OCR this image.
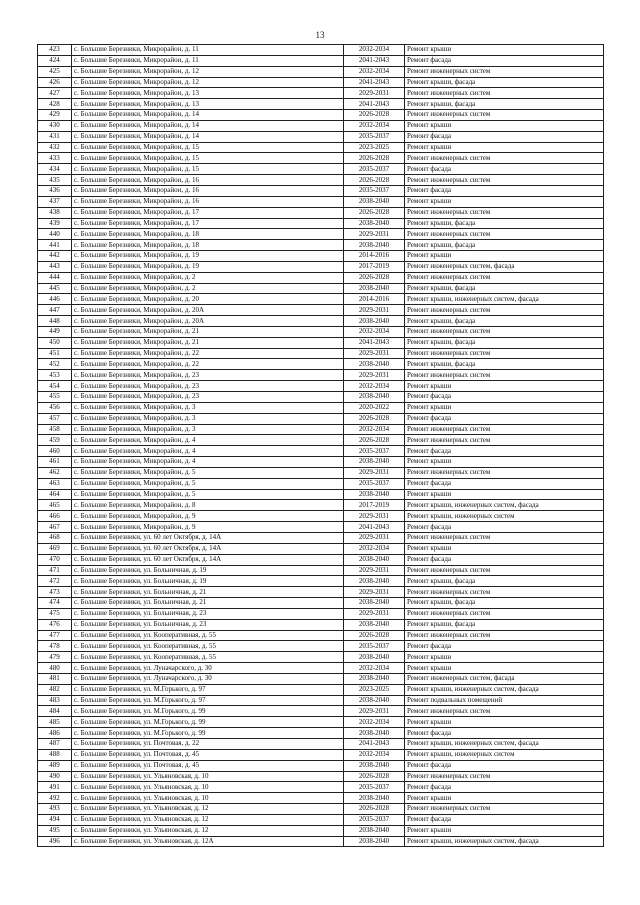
13
423	с. Большие Березники, Микрорайон, д. 11	2032-2034	Ремонт крыши
424	с. Большие Березники, Микрорайон, д. 11	2041-2043	Ремонт фасада
425	с. Большие Березники, Микрорайон, д. 12	2032-2034	Ремонт инженерных систем
426	с. Большие Березники, Микрорайон, д. 12	2041-2043	Ремонт крыши, фасада
427	с. Большие Березники, Микрорайон, д. 13	2029-2031	Ремонт инженерных систем
428	с. Большие Березники, Микрорайон, д. 13	2041-2043	Ремонт крыши, фасада
429	с. Большие Березники, Микрорайон, д. 14	2026-2028	Ремонт инженерных систем
430	с. Большие Березники, Микрорайон, д. 14	2032-2034	Ремонт крыши
431	с. Большие Березники, Микрорайон, д. 14	2035-2037	Ремонт фасада
432	с. Большие Березники, Микрорайон, д. 15	2023-2025	Ремонт крыши
433	с. Большие Березники, Микрорайон, д. 15	2026-2028	Ремонт инженерных систем
434	с. Большие Березники, Микрорайон, д. 15	2035-2037	Ремонт фасада
435	с. Большие Березники, Микрорайон, д. 16	2026-2028	Ремонт инженерных систем
436	с. Большие Березники, Микрорайон, д. 16	2035-2037	Ремонт фасада
437	с. Большие Березники, Микрорайон, д. 16	2038-2040	Ремонт крыши
438	с. Большие Березники, Микрорайон, д. 17	2026-2028	Ремонт инженерных систем
439	с. Большие Березники, Микрорайон, д. 17	2038-2040	Ремонт крыши, фасада
440	с. Большие Березники, Микрорайон, д. 18	2029-2031	Ремонт инженерных систем
441	с. Большие Березники, Микрорайон, д. 18	2038-2040	Ремонт крыши, фасада
442	с. Большие Березники, Микрорайон, д. 19	2014-2016	Ремонт крыши
443	с. Большие Березники, Микрорайон, д. 19	2017-2019	Ремонт инженерных систем, фасада
444	с. Большие Березники, Микрорайон, д. 2	2026-2028	Ремонт инженерных систем
445	с. Большие Березники, Микрорайон, д. 2	2038-2040	Ремонт крыши, фасада
446	с. Большие Березники, Микрорайон, д. 20	2014-2016	Ремонт крыши, инженерных систем, фасада
447	с. Большие Березники, Микрорайон, д. 20А	2029-2031	Ремонт инженерных систем
448	с. Большие Березники, Микрорайон, д. 20А	2038-2040	Ремонт крыши, фасада
449	с. Большие Березники, Микрорайон, д. 21	2032-2034	Ремонт инженерных систем
450	с. Большие Березники, Микрорайон, д. 21	2041-2043	Ремонт крыши, фасада
451	с. Большие Березники, Микрорайон, д. 22	2029-2031	Ремонт инженерных систем
452	с. Большие Березники, Микрорайон, д. 22	2038-2040	Ремонт крыши, фасада
453	с. Большие Березники, Микрорайон, д. 23	2029-2031	Ремонт инженерных систем
454	с. Большие Березники, Микрорайон, д. 23	2032-2034	Ремонт крыши
455	с. Большие Березники, Микрорайон, д. 23	2038-2040	Ремонт фасада
456	с. Большие Березники, Микрорайон, д. 3	2020-2022	Ремонт крыши
457	с. Большие Березники, Микрорайон, д. 3	2026-2028	Ремонт фасада
458	с. Большие Березники, Микрорайон, д. 3	2032-2034	Ремонт инженерных систем
459	с. Большие Березники, Микрорайон, д. 4	2026-2028	Ремонт инженерных систем
460	с. Большие Березники, Микрорайон, д. 4	2035-2037	Ремонт фасада
461	с. Большие Березники, Микрорайон, д. 4	2038-2040	Ремонт крыши
462	с. Большие Березники, Микрорайон, д. 5	2029-2031	Ремонт инженерных систем
463	с. Большие Березники, Микрорайон, д. 5	2035-2037	Ремонт фасада
464	с. Большие Березники, Микрорайон, д. 5	2038-2040	Ремонт крыши
465	с. Большие Березники, Микрорайон, д. 8	2017-2019	Ремонт крыши, инженерных систем, фасада
466	с. Большие Березники, Микрорайон, д. 9	2029-2031	Ремонт крыши, инженерных систем
467	с. Большие Березники, Микрорайон, д. 9	2041-2043	Ремонт фасада
468	с. Большие Березники, ул. 60 лет Октября, д. 14А	2029-2031	Ремонт инженерных систем
469	с. Большие Березники, ул. 60 лет Октября, д. 14А	2032-2034	Ремонт крыши
470	с. Большие Березники, ул. 60 лет Октября, д. 14А	2038-2040	Ремонт фасада
471	с. Большие Березники, ул. Больничная, д. 19	2029-2031	Ремонт инженерных систем
472	с. Большие Березники, ул. Больничная, д. 19	2038-2040	Ремонт крыши, фасада
473	с. Большие Березники, ул. Больничная, д. 21	2029-2031	Ремонт инженерных систем
474	с. Большие Березники, ул. Больничная, д. 21	2038-2040	Ремонт крыши, фасада
475	с. Большие Березники, ул. Больничная, д. 23	2029-2031	Ремонт инженерных систем
476	с. Большие Березники, ул. Больничная, д. 23	2038-2040	Ремонт крыши, фасада
477	с. Большие Березники, ул. Кооперативная, д. 55	2026-2028	Ремонт инженерных систем
478	с. Большие Березники, ул. Кооперативная, д. 55	2035-2037	Ремонт фасада
479	с. Большие Березники, ул. Кооперативная, д. 55	2038-2040	Ремонт крыши
480	с. Большие Березники, ул. Луначарского, д. 30	2032-2034	Ремонт крыши
481	с. Большие Березники, ул. Луначарского, д. 30	2038-2040	Ремонт инженерных систем, фасада
482	с. Большие Березники, ул. М.Горького, д. 97	2023-2025	Ремонт крыши, инженерных систем, фасада
483	с. Большие Березники, ул. М.Горького, д. 97	2038-2040	Ремонт подвальных помещений
484	с. Большие Березники, ул. М.Горького, д. 99	2029-2031	Ремонт инженерных систем
485	с. Большие Березники, ул. М.Горького, д. 99	2032-2034	Ремонт крыши
486	с. Большие Березники, ул. М.Горького, д. 99	2038-2040	Ремонт фасада
487	с. Большие Березники, ул. Почтовая, д. 22	2041-2043	Ремонт крыши, инженерных систем, фасада
488	с. Большие Березники, ул. Почтовая, д. 45	2032-2034	Ремонт крыши, инженерных систем
489	с. Большие Березники, ул. Почтовая, д. 45	2038-2040	Ремонт фасада
490	с. Большие Березники, ул. Ульяновская, д. 10	2026-2028	Ремонт инженерных систем
491	с. Большие Березники, ул. Ульяновская, д. 10	2035-2037	Ремонт фасада
492	с. Большие Березники, ул. Ульяновская, д. 10	2038-2040	Ремонт крыши
493	с. Большие Березники, ул. Ульяновская, д. 12	2026-2028	Ремонт инженерных систем
494	с. Большие Березники, ул. Ульяновская, д. 12	2035-2037	Ремонт фасада
495	с. Большие Березники, ул. Ульяновская, д. 12	2038-2040	Ремонт крыши
496	с. Большие Березники, ул. Ульяновская, д. 12А	2038-2040	Ремонт крыши, инженерных систем, фасада
